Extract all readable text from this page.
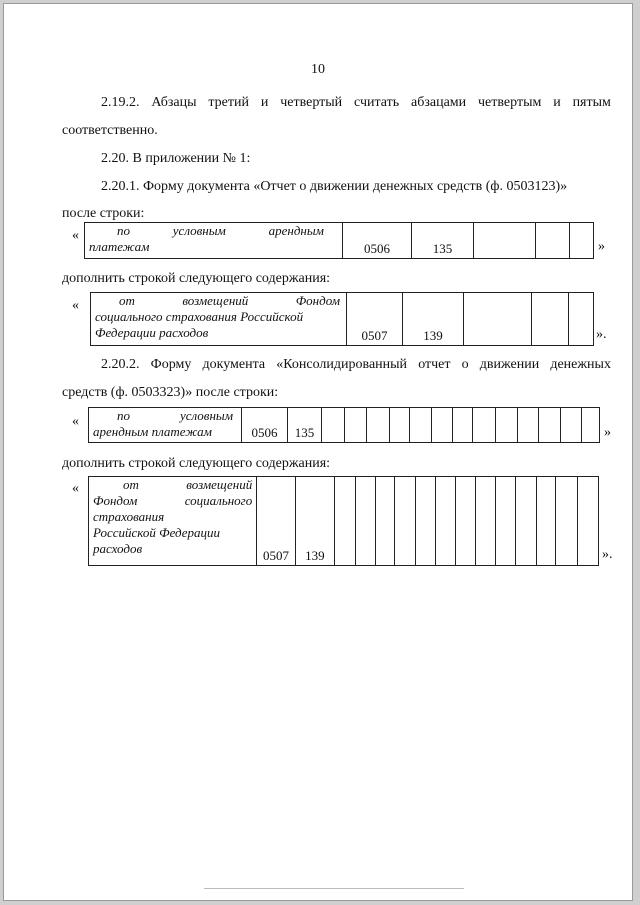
10
2.19.2. Абзацы третий и четвертый считать абзацами четвертым и пятым
соответственно.
2.20. В приложении № 1:
2.20.1. Форму документа «Отчет о движении денежных средств (ф. 0503123)»
после строки:
«	по	условным	арендным
платежам	0506	135				»
дополнить строкой следующего содержания:
«	от	возмещений	Фондом
социального страхования Российской
Федерации расходов	0507	139				».
2.20.2. Форму документа «Консолидированный отчет о движении денежных
средств (ф. 0503323)» после строки:
«	по	условным
арендным платежам	0506	135														»
дополнить строкой следующего содержания:
«	от	возмещений
Фондом	социального
страхования
Российской Федерации
расходов	0507	139														».
